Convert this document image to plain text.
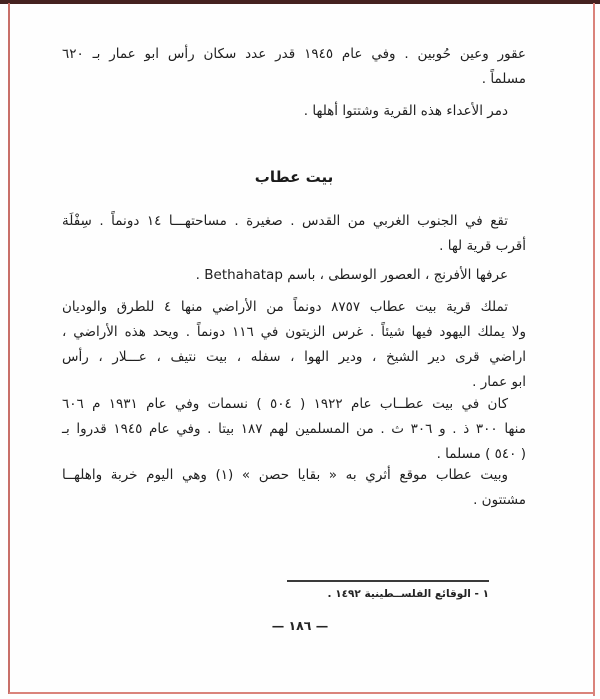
عقور وعين حُوبين . وفي عام ١٩٤٥ قدر عدد سكان رأس ابو عمار بـ ٦٢٠
مسلماً .
دمر الأعداء هذه القرية وشتتوا أهلها .
بيت عطاب
تقع في الجنوب الغربي من القدس . صغيرة . مساحتهـــا ١٤ دونماً . سِفْلَة
أقرب قرية لها .
عرفها الأفرنج ، العصور الوسطى ، باسم Bethahatap .
تملك قرية بيت عطاب ٨٧٥٧ دونماً من الأراضي منها ٤ للطرق والوديان
ولا يملك اليهود فيها شيئاً . غرس الزيتون في ١١٦ دونماً . ويحد هذه الأراضي ،
اراضي قرى دير الشيخ ، ودير الهوا ، سفله ، بيت نتيف ، عـــلار ، رأس
ابو عمار .
كان في بيت عطــاب عام ١٩٢٢ ( ٥٠٤ ) نسمات وفي عام ١٩٣١ م ٦٠٦
منها ٣٠٠ ذ . و ٣٠٦ ث . من المسلمين لهم ١٨٧ بيتا . وفي عام ١٩٤٥ قدروا بـ
( ٥٤٠ ) مسلما .
وبيت عطاب موقع أثري به « بقايا حصن » (١) وهي اليوم خربة واهلهــا
مشتتون .
١ - الوقائع الفلســطينية ١٤٩٢ .
— ١٨٦ —
